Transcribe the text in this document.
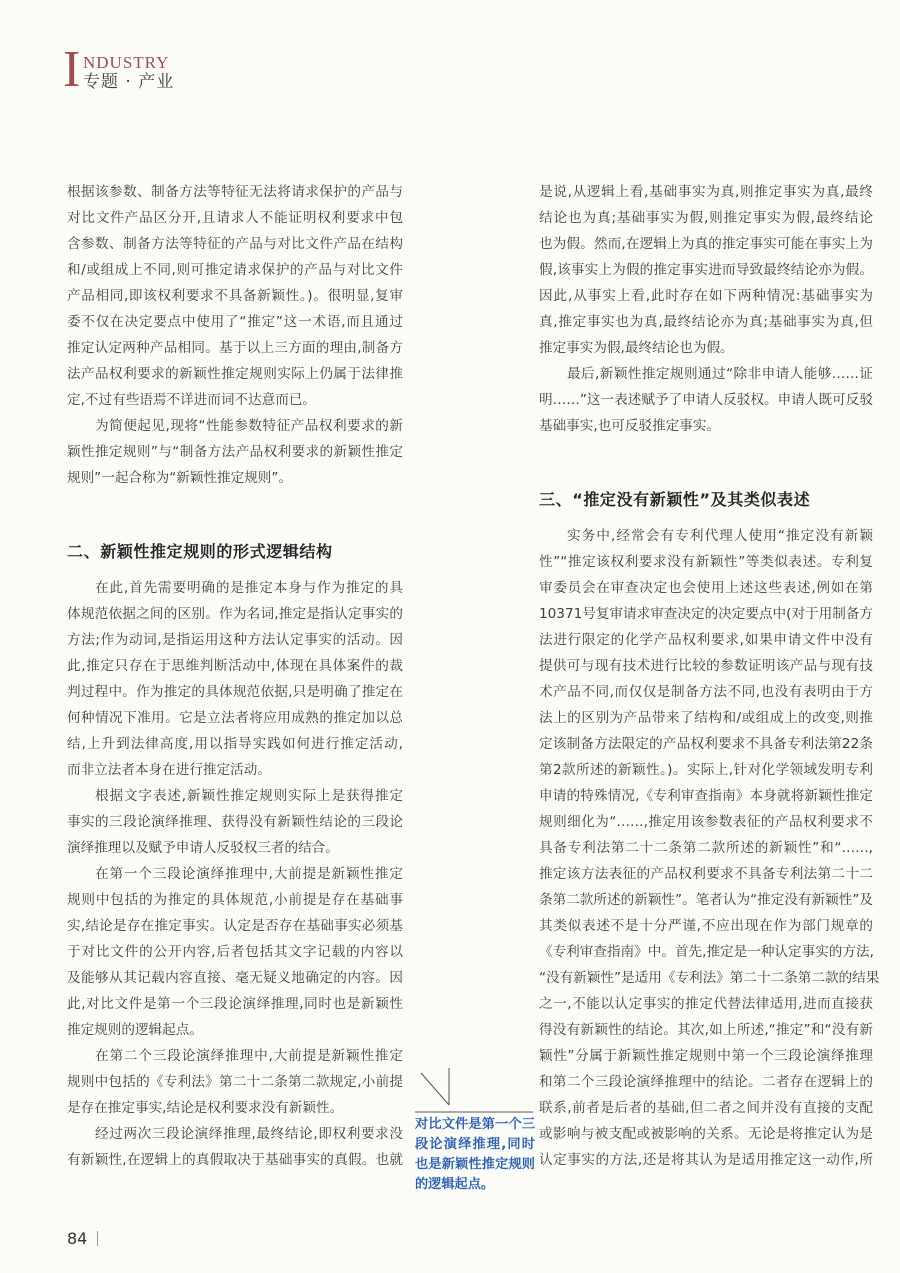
I NDUSTRY
专题 · 产业
根据该参数、制备方法等特征无法将请求保护的产品与
对比文件产品区分开,且请求人不能证明权利要求中包
含参数、制备方法等特征的产品与对比文件产品在结构
和/或组成上不同,则可推定请求保护的产品与对比文件
产品相同,即该权利要求不具备新颖性。)。很明显,复审
委不仅在决定要点中使用了“推定”这一术语,而且通过
推定认定两种产品相同。基于以上三方面的理由,制备方
法产品权利要求的新颖性推定规则实际上仍属于法律推
定,不过有些语焉不详进而词不达意而已。
为简便起见,现将“性能参数特征产品权利要求的新
颖性推定规则”与“制备方法产品权利要求的新颖性推定
规则”一起合称为“新颖性推定规则”。
二、新颖性推定规则的形式逻辑结构
在此,首先需要明确的是推定本身与作为推定的具
体规范依据之间的区别。作为名词,推定是指认定事实的
方法;作为动词,是指运用这种方法认定事实的活动。因
此,推定只存在于思维判断活动中,体现在具体案件的裁
判过程中。作为推定的具体规范依据,只是明确了推定在
何种情况下准用。它是立法者将应用成熟的推定加以总
结,上升到法律高度,用以指导实践如何进行推定活动,
而非立法者本身在进行推定活动。
根据文字表述,新颖性推定规则实际上是获得推定
事实的三段论演绎推理、获得没有新颖性结论的三段论
演绎推理以及赋予申请人反驳权三者的结合。
在第一个三段论演绎推理中,大前提是新颖性推定
规则中包括的为推定的具体规范,小前提是存在基础事
实,结论是存在推定事实。认定是否存在基础事实必须基
于对比文件的公开内容,后者包括其文字记载的内容以
及能够从其记载内容直接、毫无疑义地确定的内容。因
此,对比文件是第一个三段论演绎推理,同时也是新颖性
推定规则的逻辑起点。
在第二个三段论演绎推理中,大前提是新颖性推定
规则中包括的《专利法》第二十二条第二款规定,小前提
是存在推定事实,结论是权利要求没有新颖性。
经过两次三段论演绎推理,最终结论,即权利要求没
有新颖性,在逻辑上的真假取决于基础事实的真假。也就
是说,从逻辑上看,基础事实为真,则推定事实为真,最终
结论也为真;基础事实为假,则推定事实为假,最终结论
也为假。然而,在逻辑上为真的推定事实可能在事实上为
假,该事实上为假的推定事实进而导致最终结论亦为假。
因此,从事实上看,此时存在如下两种情况:基础事实为
真,推定事实也为真,最终结论亦为真;基础事实为真,但
推定事实为假,最终结论也为假。
最后,新颖性推定规则通过“除非申请人能够……证
明……”这一表述赋予了申请人反驳权。申请人既可反驳
基础事实,也可反驳推定事实。
三、“推定没有新颖性”及其类似表述
实务中,经常会有专利代理人使用“推定没有新颖
性”“推定该权利要求没有新颖性”等类似表述。专利复
审委员会在审查决定也会使用上述这些表述,例如在第
10371号复审请求审查决定的决定要点中(对于用制备方
法进行限定的化学产品权利要求,如果申请文件中没有
提供可与现有技术进行比较的参数证明该产品与现有技
术产品不同,而仅仅是制备方法不同,也没有表明由于方
法上的区别为产品带来了结构和/或组成上的改变,则推
定该制备方法限定的产品权利要求不具备专利法第22条
第2款所述的新颖性。)。实际上,针对化学领域发明专利
申请的特殊情况,《专利审查指南》本身就将新颖性推定
规则细化为“……,推定用该参数表征的产品权利要求不
具备专利法第二十二条第二款所述的新颖性”和“……,
推定该方法表征的产品权利要求不具备专利法第二十二
条第二款所述的新颖性”。笔者认为“推定没有新颖性”及
其类似表述不是十分严谨,不应出现在作为部门规章的
《专利审查指南》中。首先,推定是一种认定事实的方法,
“没有新颖性”是适用《专利法》第二十二条第二款的结果
之一,不能以认定事实的推定代替法律适用,进而直接获
得没有新颖性的结论。其次,如上所述,“推定”和“没有新
颖性”分属于新颖性推定规则中第一个三段论演绎推理
和第二个三段论演绎推理中的结论。二者存在逻辑上的
联系,前者是后者的基础,但二者之间并没有直接的支配
或影响与被支配或被影响的关系。无论是将推定认为是
认定事实的方法,还是将其认为是适用推定这一动作,所
对比文件是第一个三
段论演绎推理,同时
也是新颖性推定规则
的逻辑起点。
84
